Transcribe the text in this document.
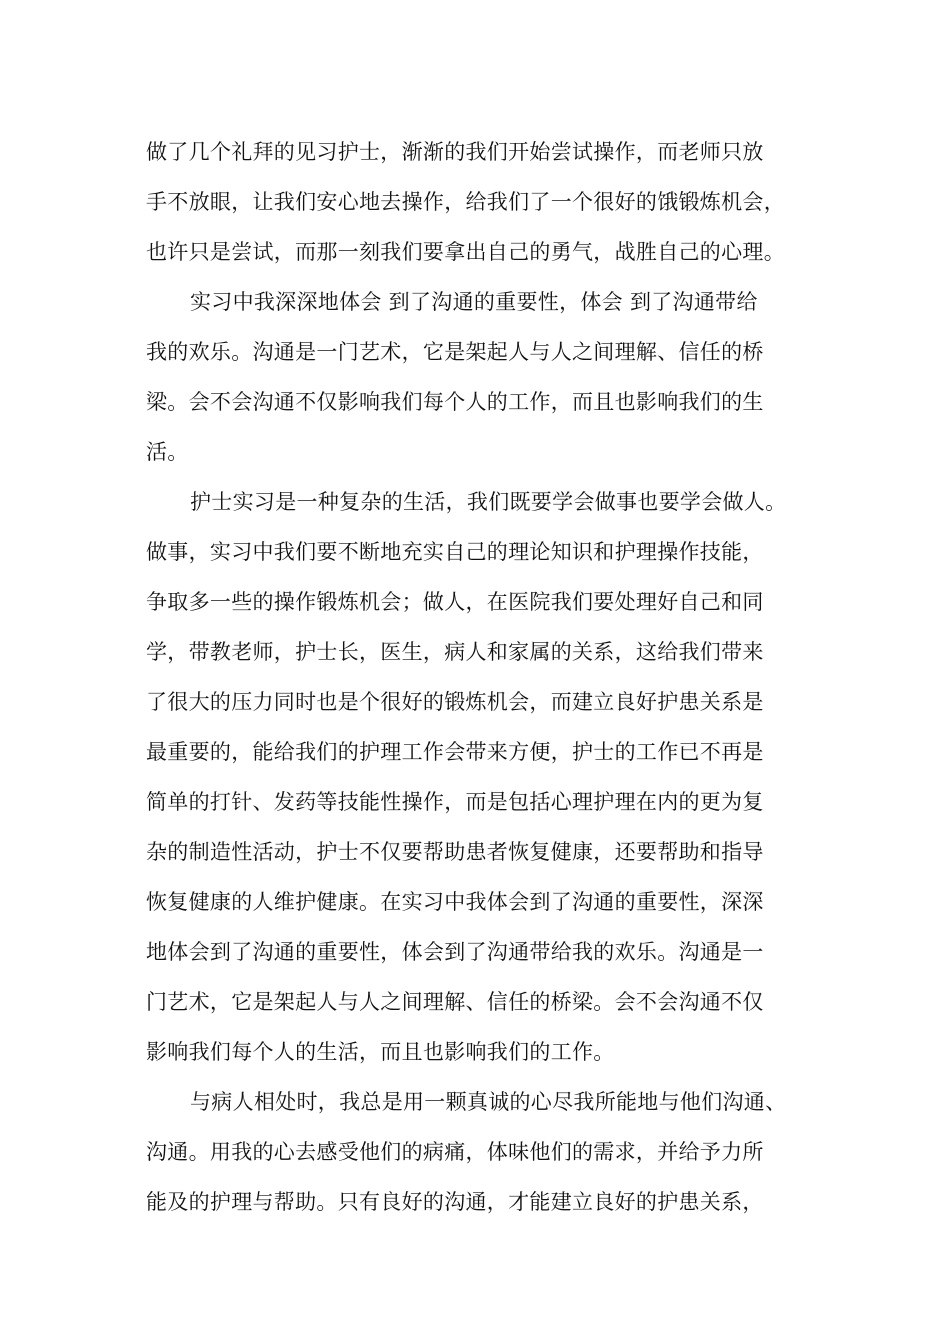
做了几个礼拜的见习护士，渐渐的我们开始尝试操作，而老师只放

手不放眼，让我们安心地去操作，给我们了一个很好的饿锻炼机会，

也许只是尝试，而那一刻我们要拿出自己的勇气，战胜自己的心理。

实习中我深深地体会 到了沟通的重要性，体会 到了沟通带给

我的欢乐。沟通是一门艺术，它是架起人与人之间理解、信任的桥

梁。会不会沟通不仅影响我们每个人的工作，而且也影响我们的生

活。

护士实习是一种复杂的生活，我们既要学会做事也要学会做人。

做事，实习中我们要不断地充实自己的理论知识和护理操作技能，

争取多一些的操作锻炼机会；做人，在医院我们要处理好自己和同

学，带教老师，护士长，医生，病人和家属的关系，这给我们带来

了很大的压力同时也是个很好的锻炼机会，而建立良好护患关系是

最重要的，能给我们的护理工作会带来方便，护士的工作已不再是

简单的打针、发药等技能性操作，而是包括心理护理在内的更为复

杂的制造性活动，护士不仅要帮助患者恢复健康，还要帮助和指导

恢复健康的人维护健康。在实习中我体会到了沟通的重要性，深深

地体会到了沟通的重要性，体会到了沟通带给我的欢乐。沟通是一

门艺术，它是架起人与人之间理解、信任的桥梁。会不会沟通不仅

影响我们每个人的生活，而且也影响我们的工作。

与病人相处时，我总是用一颗真诚的心尽我所能地与他们沟通、

沟通。用我的心去感受他们的病痛，体味他们的需求，并给予力所

能及的护理与帮助。只有良好的沟通，才能建立良好的护患关系，
